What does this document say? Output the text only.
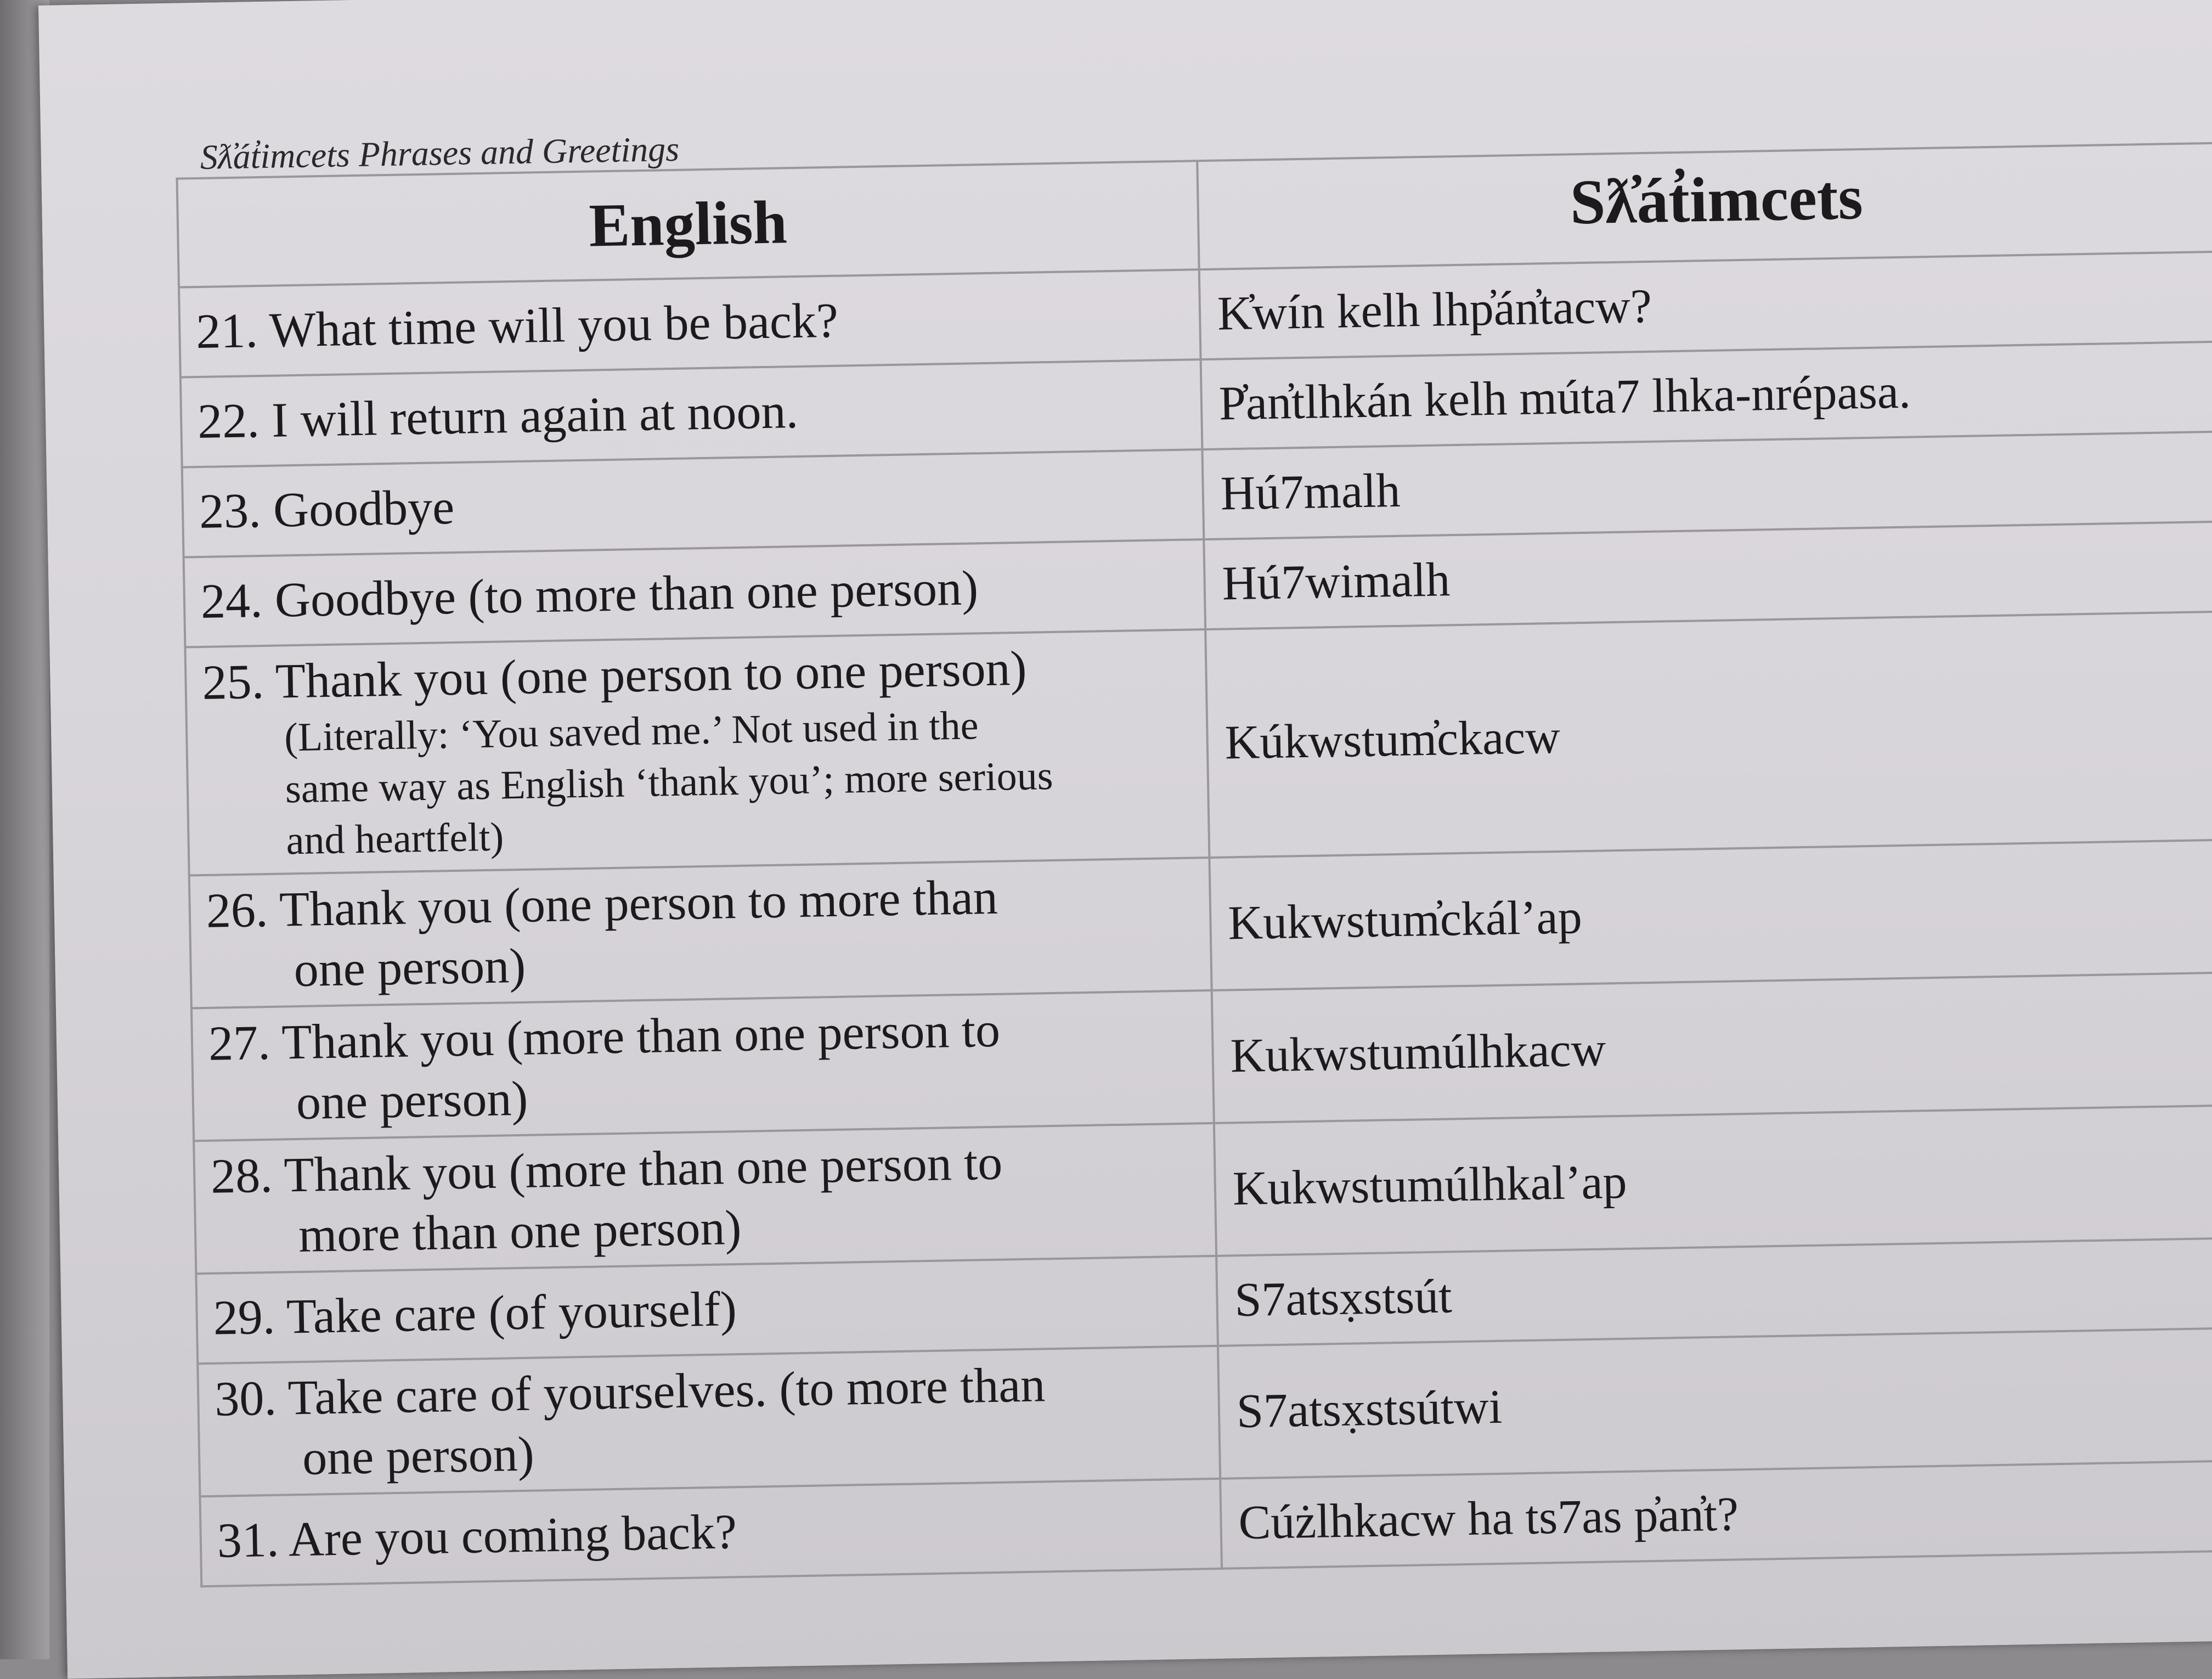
Sƛ̓át̓imcets Phrases and Greetings
English	Sƛ̓át̓imcets
21. What time will you be back?	K̓wín kelh lhp̓án̓tacw?
22. I will return again at noon.	P̓an̓tlhkán kelh múta7 lhka-nrépasa.
23. Goodbye	Hú7malh
24. Goodbye (to more than one person)	Hú7wimalh
25. Thank you (one person to one person)
(Literally: ‘You saved me.’ Not used in the
same way as English ‘thank you’; more serious
and heartfelt)	Kúkwstum̓ckacw
26. Thank you (one person to more than
one person)	Kukwstum̓ckál’ap
27. Thank you (more than one person to
one person)	Kukwstumúlhkacw
28. Thank you (more than one person to
more than one person)	Kukwstumúlhkal’ap
29. Take care (of yourself)	S7atsx̣stsút
30. Take care of yourselves. (to more than
one person)	S7atsx̣stsútwi
31. Are you coming back?	Cúżlhkacw ha ts7as p̓an̓t?
